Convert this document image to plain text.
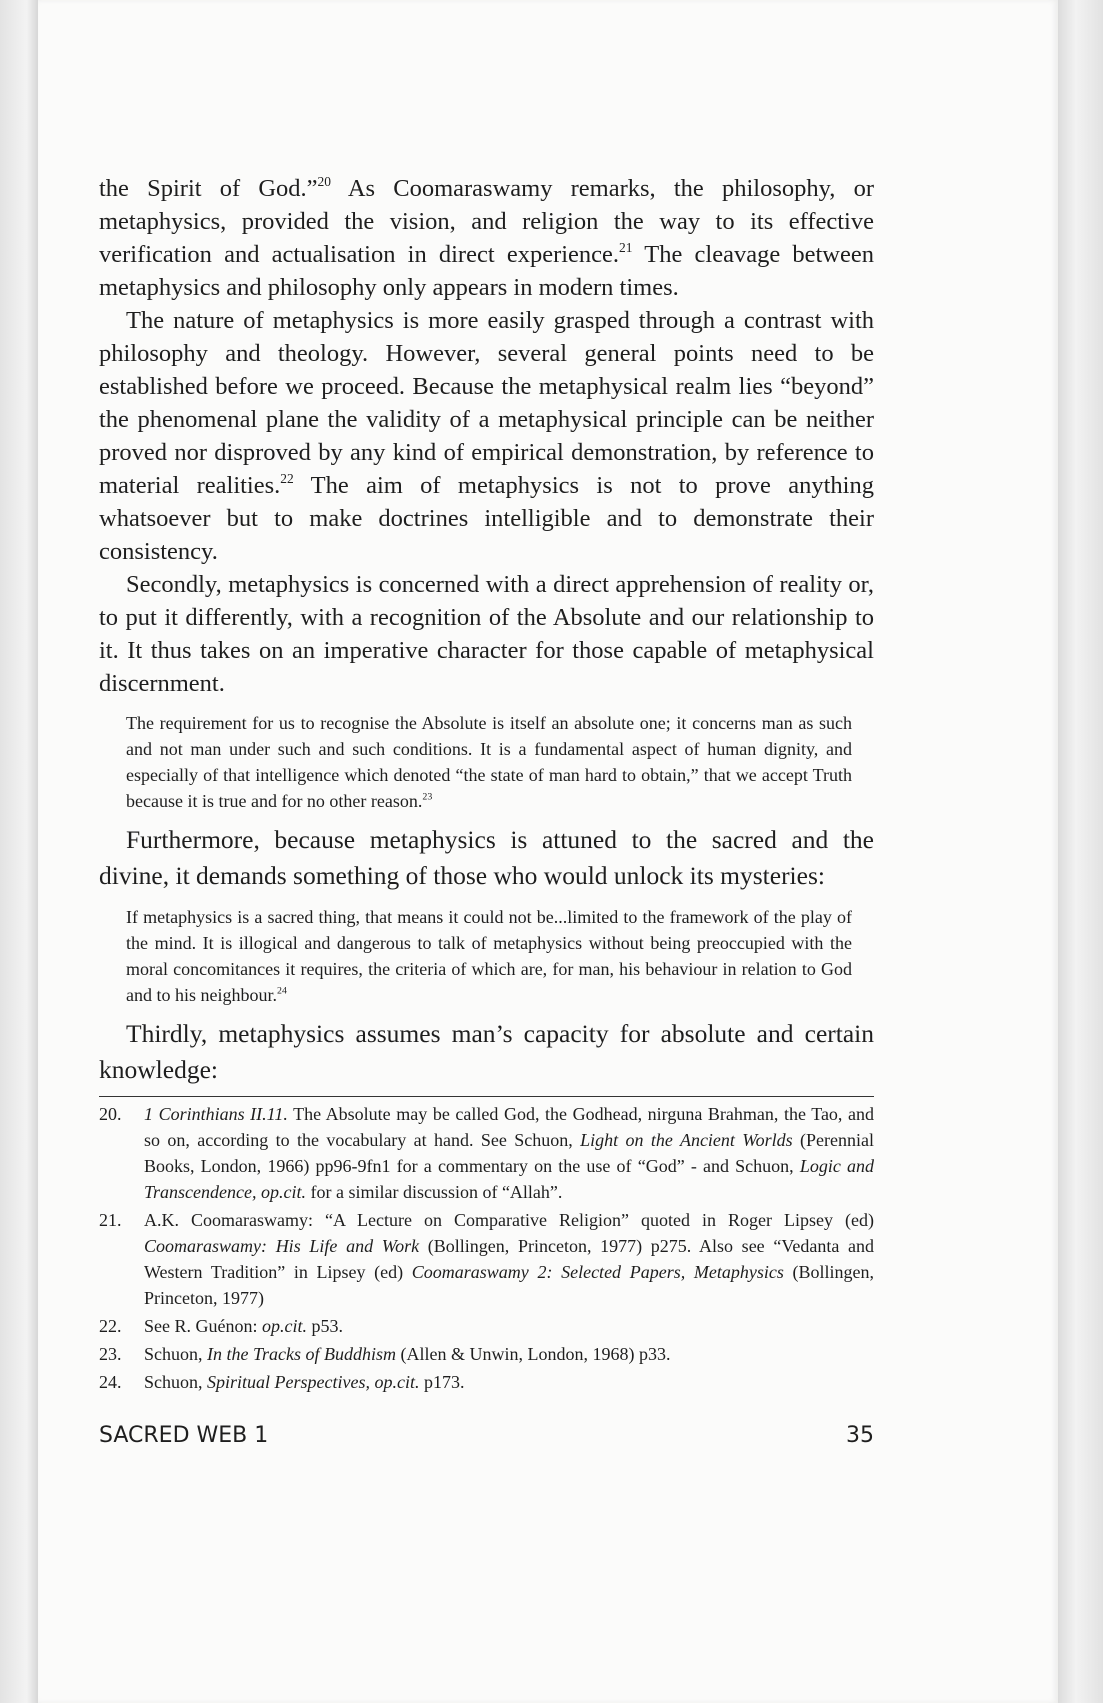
the Spirit of God.”$^{20}$ As Coomaraswamy remarks, the philosophy, or metaphysics, provided the vision, and religion the way to its effective verification and actualisation in direct experience.$^{21}$ The cleavage between metaphysics and philosophy only appears in modern times.

The nature of metaphysics is more easily grasped through a contrast with philosophy and theology. However, several general points need to be established before we proceed. Because the metaphysical realm lies “beyond” the phenomenal plane the validity of a metaphysical principle can be neither proved nor disproved by any kind of empirical demonstration, by reference to material realities.$^{22}$ The aim of metaphysics is not to prove anything whatsoever but to make doctrines intelligible and to demonstrate their consistency.

Secondly, metaphysics is concerned with a direct apprehension of reality or, to put it differently, with a recognition of the Absolute and our relationship to it. It thus takes on an imperative character for those capable of metaphysical discernment.

The requirement for us to recognise the Absolute is itself an absolute one; it concerns man as such and not man under such and such conditions. It is a fundamental aspect of human dignity, and especially of that intelligence which denoted “the state of man hard to obtain,” that we accept Truth because it is true and for no other reason.$^{23}$

Furthermore, because metaphysics is attuned to the sacred and the divine, it demands something of those who would unlock its mysteries:

If metaphysics is a sacred thing, that means it could not be...limited to the framework of the play of the mind. It is illogical and dangerous to talk of metaphysics without being preoccupied with the moral concomitances it requires, the criteria of which are, for man, his behaviour in relation to God and to his neighbour.$^{24}$

Thirdly, metaphysics assumes man’s capacity for absolute and certain knowledge:

20.	1 Corinthians II.11. The Absolute may be called God, the Godhead, nirguna Brahman, the Tao, and so on, according to the vocabulary at hand. See Schuon, Light on the Ancient Worlds (Perennial Books, London, 1966) pp96-9fn1 for a commentary on the use of “God” - and Schuon, Logic and Transcendence, op.cit. for a similar discussion of “Allah”.
21.	A.K. Coomaraswamy: “A Lecture on Comparative Religion” quoted in Roger Lipsey (ed) Coomaraswamy: His Life and Work (Bollingen, Princeton, 1977) p275. Also see “Vedanta and Western Tradition” in Lipsey (ed) Coomaraswamy 2: Selected Papers, Metaphysics (Bollingen, Princeton, 1977)
22.	See R. Guénon: op.cit. p53.
23.	Schuon, In the Tracks of Buddhism (Allen & Unwin, London, 1968) p33.
24.	Schuon, Spiritual Perspectives, op.cit. p173.
SACRED WEB 1	35
